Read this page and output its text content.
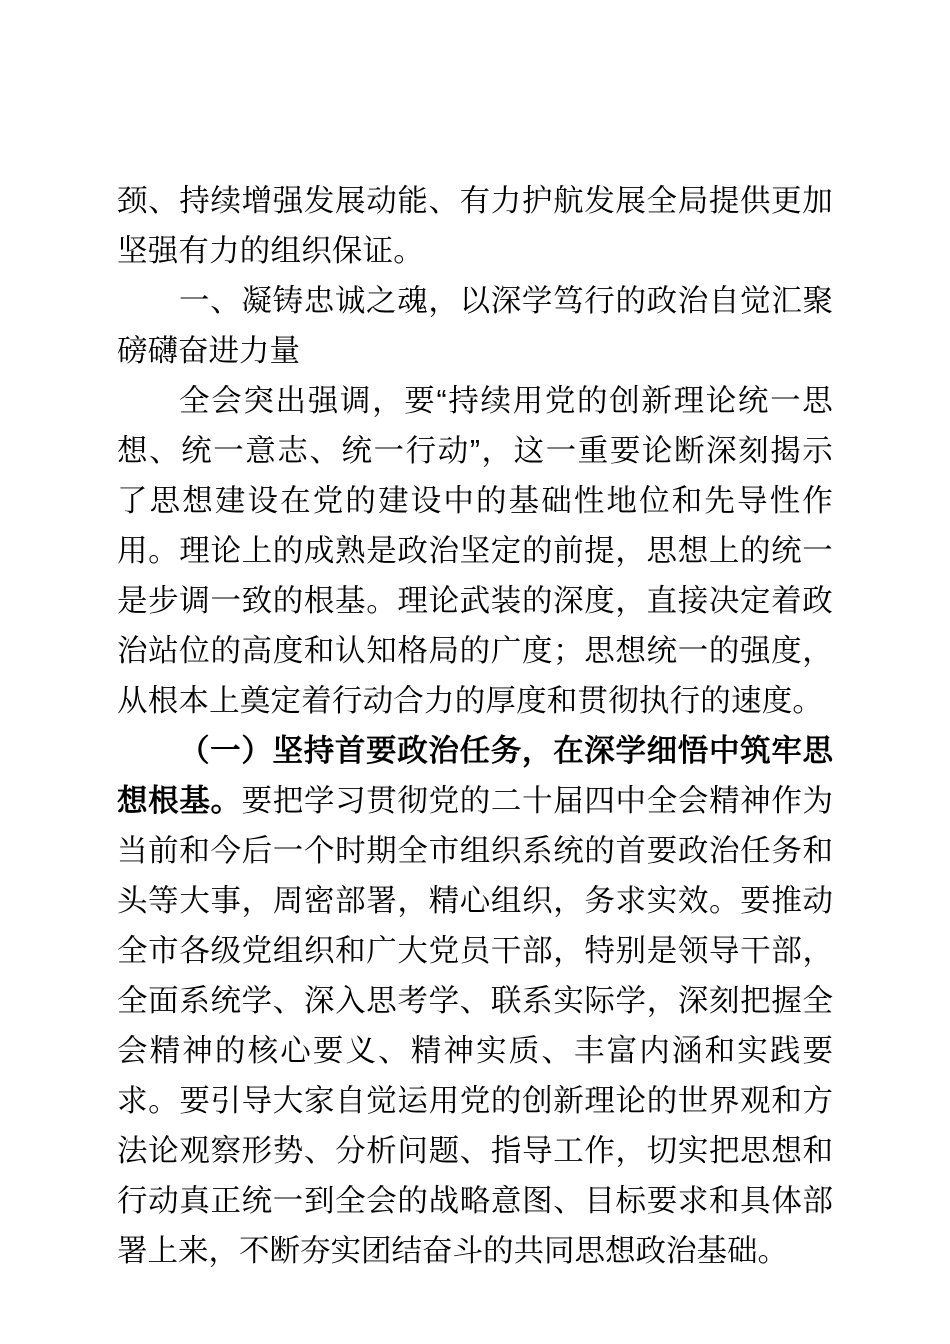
颈、持续增强发展动能、有力护航发展全局提供更加坚强有力的组织保证。

一、凝铸忠诚之魂，以深学笃行的政治自觉汇聚磅礴奋进力量

全会突出强调，要“持续用党的创新理论统一思想、统一意志、统一行动”，这一重要论断深刻揭示了思想建设在党的建设中的基础性地位和先导性作用。理论上的成熟是政治坚定的前提，思想上的统一是步调一致的根基。理论武装的深度，直接决定着政治站位的高度和认知格局的广度；思想统一的强度，从根本上奠定着行动合力的厚度和贯彻执行的速度。

（一）坚持首要政治任务，在深学细悟中筑牢思想根基。要把学习贯彻党的二十届四中全会精神作为当前和今后一个时期全市组织系统的首要政治任务和头等大事，周密部署，精心组织，务求实效。要推动全市各级党组织和广大党员干部，特别是领导干部，全面系统学、深入思考学、联系实际学，深刻把握全会精神的核心要义、精神实质、丰富内涵和实践要求。要引导大家自觉运用党的创新理论的世界观和方法论观察形势、分析问题、指导工作，切实把思想和行动真正统一到全会的战略意图、目标要求和具体部署上来，不断夯实团结奋斗的共同思想政治基础。
